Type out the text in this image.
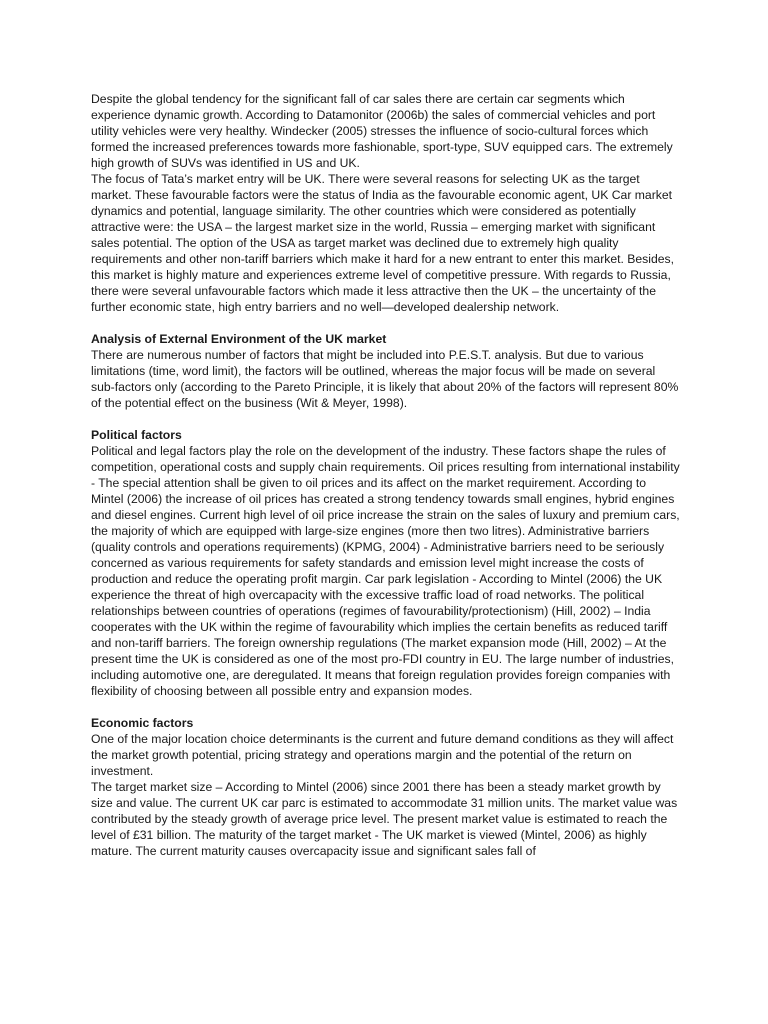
Despite the global tendency for the significant fall of car sales there are certain car segments which experience dynamic growth. According to Datamonitor (2006b) the sales of commercial vehicles and port utility vehicles were very healthy. Windecker (2005) stresses the influence of socio-cultural forces which formed the increased preferences towards more fashionable, sport-type, SUV equipped cars. The extremely high growth of SUVs was identified in US and UK.

The focus of Tata’s market entry will be UK. There were several reasons for selecting UK as the target market. These favourable factors were the status of India as the favourable economic agent, UK Car market dynamics and potential, language similarity. The other countries which were considered as potentially attractive were: the USA – the largest market size in the world, Russia – emerging market with significant sales potential. The option of the USA as target market was declined due to extremely high quality requirements and other non-tariff barriers which make it hard for a new entrant to enter this market. Besides, this market is highly mature and experiences extreme level of competitive pressure. With regards to Russia, there were several unfavourable factors which made it less attractive then the UK – the uncertainty of the further economic state, high entry barriers and no well—developed dealership network.

Analysis of External Environment of the UK market

There are numerous number of factors that might be included into P.E.S.T. analysis. But due to various limitations (time, word limit), the factors will be outlined, whereas the major focus will be made on several sub-factors only (according to the Pareto Principle, it is likely that about 20% of the factors will represent 80% of the potential effect on the business (Wit & Meyer, 1998).

Political factors

Political and legal factors play the role on the development of the industry. These factors shape the rules of competition, operational costs and supply chain requirements. Oil prices resulting from international instability - The special attention shall be given to oil prices and its affect on the market requirement. According to Mintel (2006) the increase of oil prices has created a strong tendency towards small engines, hybrid engines and diesel engines. Current high level of oil price increase the strain on the sales of luxury and premium cars, the majority of which are equipped with large-size engines (more then two litres). Administrative barriers (quality controls and operations requirements) (KPMG, 2004) - Administrative barriers need to be seriously concerned as various requirements for safety standards and emission level might increase the costs of production and reduce the operating profit margin. Car park legislation - According to Mintel (2006) the UK experience the threat of high overcapacity with the excessive traffic load of road networks. The political relationships between countries of operations (regimes of favourability/protectionism) (Hill, 2002) – India cooperates with the UK within the regime of favourability which implies the certain benefits as reduced tariff and non-tariff barriers. The foreign ownership regulations (The market expansion mode (Hill, 2002) – At the present time the UK is considered as one of the most pro-FDI country in EU. The large number of industries, including automotive one, are deregulated. It means that foreign regulation provides foreign companies with flexibility of choosing between all possible entry and expansion modes.

Economic factors

One of the major location choice determinants is the current and future demand conditions as they will affect the market growth potential, pricing strategy and operations margin and the potential of the return on investment.

The target market size – According to Mintel (2006) since 2001 there has been a steady market growth by size and value. The current UK car parc is estimated to accommodate 31 million units. The market value was contributed by the steady growth of average price level. The present market value is estimated to reach the level of £31 billion. The maturity of the target market - The UK market is viewed (Mintel, 2006) as highly mature. The current maturity causes overcapacity issue and significant sales fall of
